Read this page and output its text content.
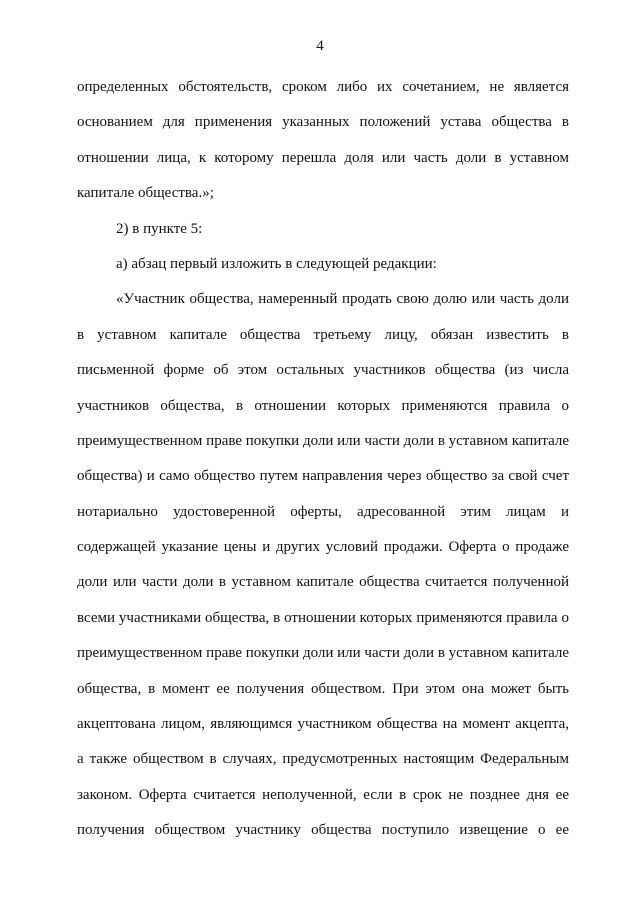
4
определенных обстоятельств, сроком либо их сочетанием, не является
основанием для применения указанных положений устава общества в
отношении лица, к которому перешла доля или часть доли в уставном
капитале общества.»;
2) в пункте 5:
а) абзац первый изложить в следующей редакции:
«Участник общества, намеренный продать свою долю или часть доли
в уставном капитале общества третьему лицу, обязан известить в
письменной форме об этом остальных участников общества (из числа
участников общества, в отношении которых применяются правила о
преимущественном праве покупки доли или части доли в уставном капитале
общества) и само общество путем направления через общество за свой счет
нотариально удостоверенной оферты, адресованной этим лицам и
содержащей указание цены и других условий продажи. Оферта о продаже
доли или части доли в уставном капитале общества считается полученной
всеми участниками общества, в отношении которых применяются правила о
преимущественном праве покупки доли или части доли в уставном капитале
общества, в момент ее получения обществом. При этом она может быть
акцептована лицом, являющимся участником общества на момент акцепта,
а также обществом в случаях, предусмотренных настоящим Федеральным
законом. Оферта считается неполученной, если в срок не позднее дня ее
получения обществом участнику общества поступило извещение о ее
